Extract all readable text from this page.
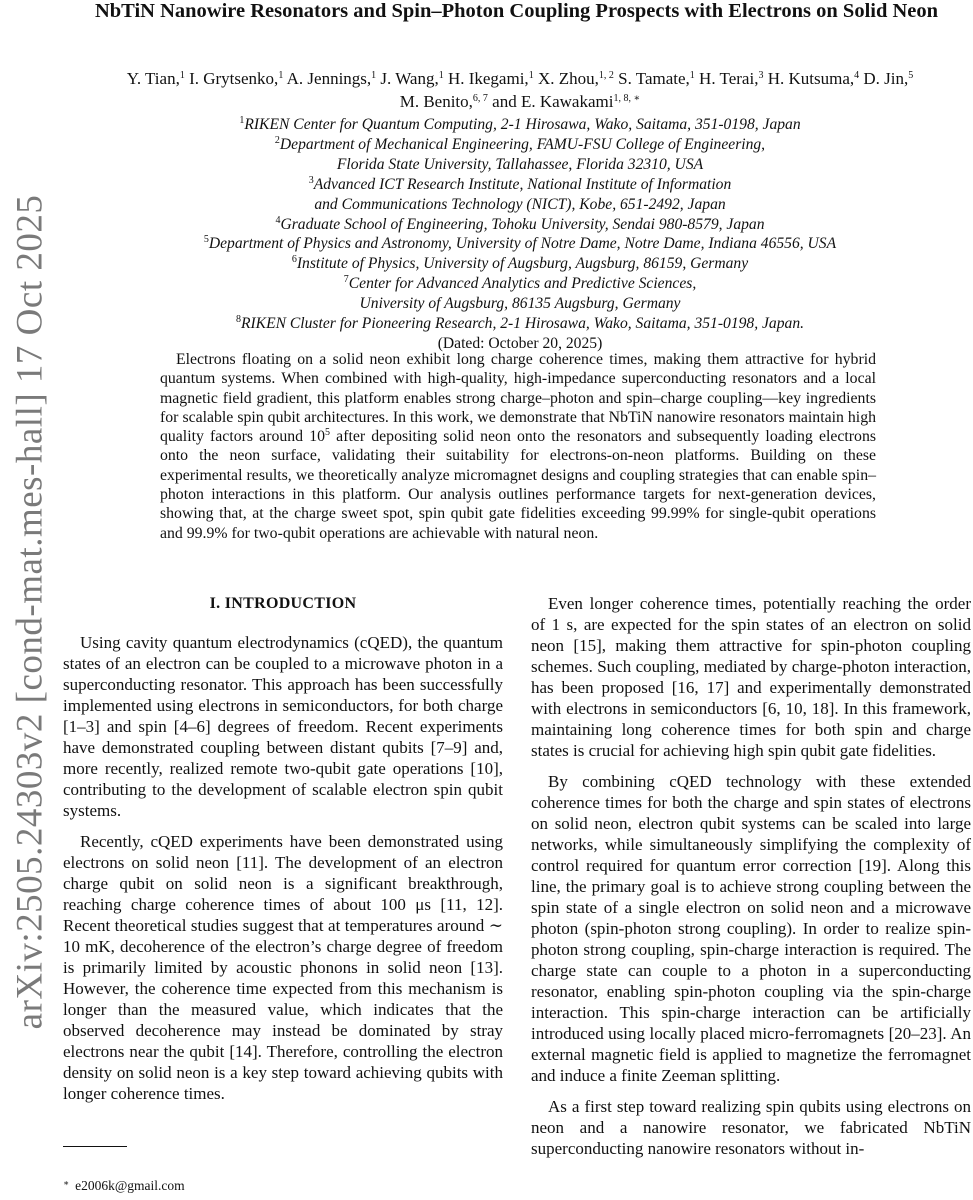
arXiv:2505.24303v2 [cond-mat.mes-hall] 17 Oct 2025
NbTiN Nanowire Resonators and Spin–Photon Coupling Prospects with Electrons on Solid Neon
Y. Tian,$^1$ I. Grytsenko,$^1$ A. Jennings,$^1$ J. Wang,$^1$ H. Ikegami,$^1$ X. Zhou,$^{1, 2}$ S. Tamate,$^1$ H. Terai,$^3$ H. Kutsuma,$^4$ D. Jin,$^5$ M. Benito,$^{6, 7}$ and E. Kawakami$^{1, 8, ∗}$
$^1$RIKEN Center for Quantum Computing, 2-1 Hirosawa, Wako, Saitama, 351-0198, Japan
$^2$Department of Mechanical Engineering, FAMU-FSU College of Engineering,
Florida State University, Tallahassee, Florida 32310, USA
$^3$Advanced ICT Research Institute, National Institute of Information
and Communications Technology (NICT), Kobe, 651-2492, Japan
$^4$Graduate School of Engineering, Tohoku University, Sendai 980-8579, Japan
$^5$Department of Physics and Astronomy, University of Notre Dame, Notre Dame, Indiana 46556, USA
$^6$Institute of Physics, University of Augsburg, Augsburg, 86159, Germany
$^7$Center for Advanced Analytics and Predictive Sciences,
University of Augsburg, 86135 Augsburg, Germany
$^8$RIKEN Cluster for Pioneering Research, 2-1 Hirosawa, Wako, Saitama, 351-0198, Japan.
(Dated: October 20, 2025)

Electrons floating on a solid neon exhibit long charge coherence times, making them attractive for hybrid quantum systems. When combined with high-quality, high-impedance superconducting resonators and a local magnetic field gradient, this platform enables strong charge–photon and spin–charge coupling—key ingredients for scalable spin qubit architectures. In this work, we demonstrate that NbTiN nanowire resonators maintain high quality factors around $10^5$ after depositing solid neon onto the resonators and subsequently loading electrons onto the neon surface, validating their suitability for electrons-on-neon platforms. Building on these experimental results, we theoretically analyze micromagnet designs and coupling strategies that can enable spin–photon interactions in this platform. Our analysis outlines performance targets for next-generation devices, showing that, at the charge sweet spot, spin qubit gate fidelities exceeding 99.99% for single-qubit operations and 99.9% for two-qubit operations are achievable with natural neon.

I. INTRODUCTION

Using cavity quantum electrodynamics (cQED), the quantum states of an electron can be coupled to a microwave photon in a superconducting resonator. This approach has been successfully implemented using electrons in semiconductors, for both charge [1–3] and spin [4–6] degrees of freedom. Recent experiments have demonstrated coupling between distant qubits [7–9] and, more recently, realized remote two-qubit gate operations [10], contributing to the development of scalable electron spin qubit systems.

Recently, cQED experiments have been demonstrated using electrons on solid neon [11]. The development of an electron charge qubit on solid neon is a significant breakthrough, reaching charge coherence times of about 100 μs [11, 12]. Recent theoretical studies suggest that at temperatures around ∼ 10 mK, decoherence of the electron’s charge degree of freedom is primarily limited by acoustic phonons in solid neon [13]. However, the coherence time expected from this mechanism is longer than the measured value, which indicates that the observed decoherence may instead be dominated by stray electrons near the qubit [14]. Therefore, controlling the electron density on solid neon is a key step toward achieving qubits with longer coherence times.

Even longer coherence times, potentially reaching the order of 1 s, are expected for the spin states of an electron on solid neon [15], making them attractive for spin-photon coupling schemes. Such coupling, mediated by charge-photon interaction, has been proposed [16, 17] and experimentally demonstrated with electrons in semiconductors [6, 10, 18]. In this framework, maintaining long coherence times for both spin and charge states is crucial for achieving high spin qubit gate fidelities.

By combining cQED technology with these extended coherence times for both the charge and spin states of electrons on solid neon, electron qubit systems can be scaled into large networks, while simultaneously simplifying the complexity of control required for quantum error correction [19]. Along this line, the primary goal is to achieve strong coupling between the spin state of a single electron on solid neon and a microwave photon (spin-photon strong coupling). In order to realize spin-photon strong coupling, spin-charge interaction is required. The charge state can couple to a photon in a superconducting resonator, enabling spin-photon coupling via the spin-charge interaction. This spin-charge interaction can be artificially introduced using locally placed micro-ferromagnets [20–23]. An external magnetic field is applied to magnetize the ferromagnet and induce a finite Zeeman splitting.

As a first step toward realizing spin qubits using electrons on neon and a nanowire resonator, we fabricated NbTiN superconducting nanowire resonators without in-

∗ e2006k@gmail.com
